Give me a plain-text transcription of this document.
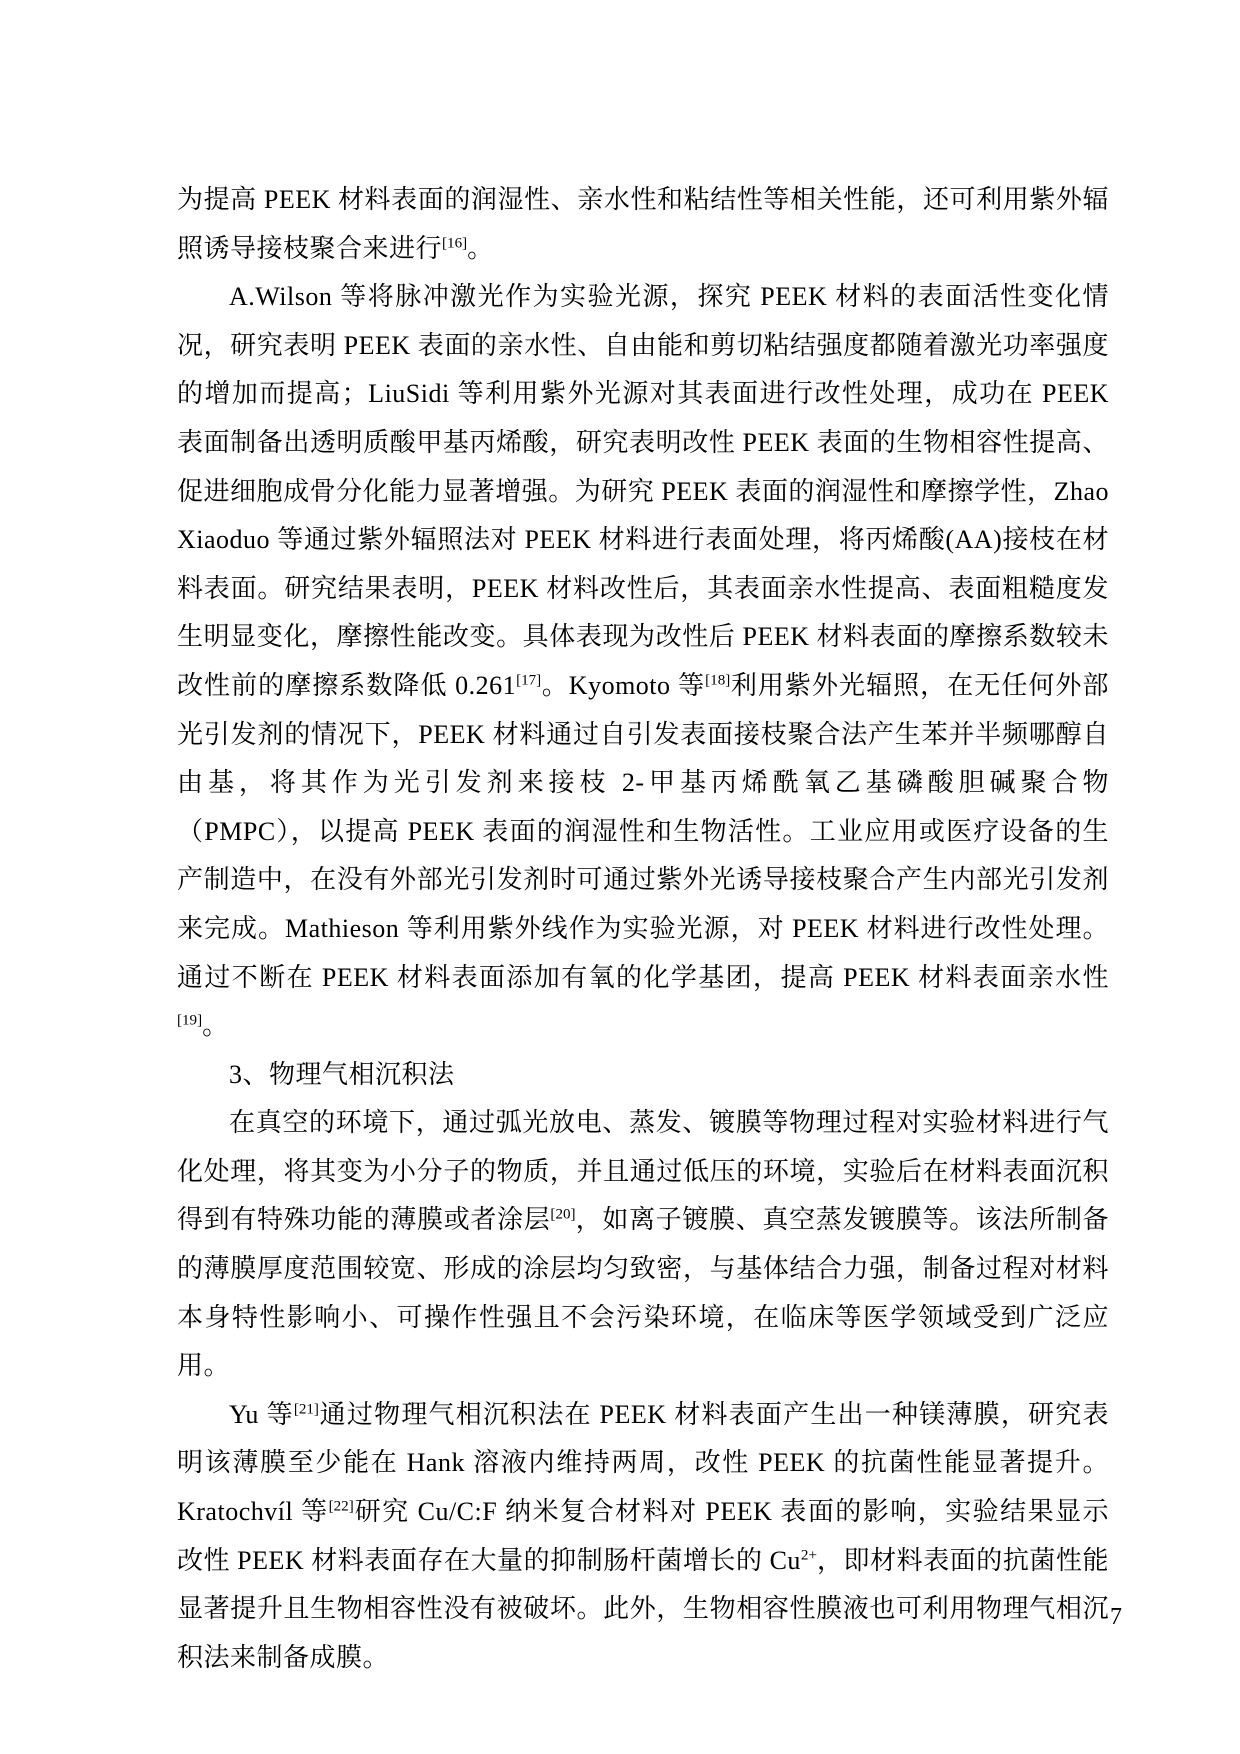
为提高 PEEK 材料表面的润湿性、亲水性和粘结性等相关性能，还可利用紫外辐照诱导接枝聚合来进行[16]。

A.Wilson 等将脉冲激光作为实验光源，探究 PEEK 材料的表面活性变化情况，研究表明 PEEK 表面的亲水性、自由能和剪切粘结强度都随着激光功率强度的增加而提高；LiuSidi 等利用紫外光源对其表面进行改性处理，成功在 PEEK 表面制备出透明质酸甲基丙烯酸，研究表明改性 PEEK 表面的生物相容性提高、促进细胞成骨分化能力显著增强。为研究 PEEK 表面的润湿性和摩擦学性，Zhao Xiaoduo 等通过紫外辐照法对 PEEK 材料进行表面处理，将丙烯酸(AA)接枝在材料表面。研究结果表明，PEEK 材料改性后，其表面亲水性提高、表面粗糙度发生明显变化，摩擦性能改变。具体表现为改性后 PEEK 材料表面的摩擦系数较未改性前的摩擦系数降低 0.261[17]。Kyomoto 等[18]利用紫外光辐照，在无任何外部光引发剂的情况下，PEEK 材料通过自引发表面接枝聚合法产生苯并半频哪醇自由基，将其作为光引发剂来接枝 2-甲基丙烯酰氧乙基磷酸胆碱聚合物（PMPC），以提高 PEEK 表面的润湿性和生物活性。工业应用或医疗设备的生产制造中，在没有外部光引发剂时可通过紫外光诱导接枝聚合产生内部光引发剂来完成。Mathieson 等利用紫外线作为实验光源，对 PEEK 材料进行改性处理。通过不断在 PEEK 材料表面添加有氧的化学基团，提高 PEEK 材料表面亲水性[19]。

3、物理气相沉积法

在真空的环境下，通过弧光放电、蒸发、镀膜等物理过程对实验材料进行气化处理，将其变为小分子的物质，并且通过低压的环境，实验后在材料表面沉积得到有特殊功能的薄膜或者涂层[20]，如离子镀膜、真空蒸发镀膜等。该法所制备的薄膜厚度范围较宽、形成的涂层均匀致密，与基体结合力强，制备过程对材料本身特性影响小、可操作性强且不会污染环境，在临床等医学领域受到广泛应用。

Yu 等[21]通过物理气相沉积法在 PEEK 材料表面产生出一种镁薄膜，研究表明该薄膜至少能在 Hank 溶液内维持两周，改性 PEEK 的抗菌性能显著提升。Kratochvíl 等[22]研究 Cu/C:F 纳米复合材料对 PEEK 表面的影响，实验结果显示改性 PEEK 材料表面存在大量的抑制肠杆菌增长的 $Cu^{2+}$，即材料表面的抗菌性能显著提升且生物相容性没有被破坏。此外，生物相容性膜液也可利用物理气相沉积法来制备成膜。

7
